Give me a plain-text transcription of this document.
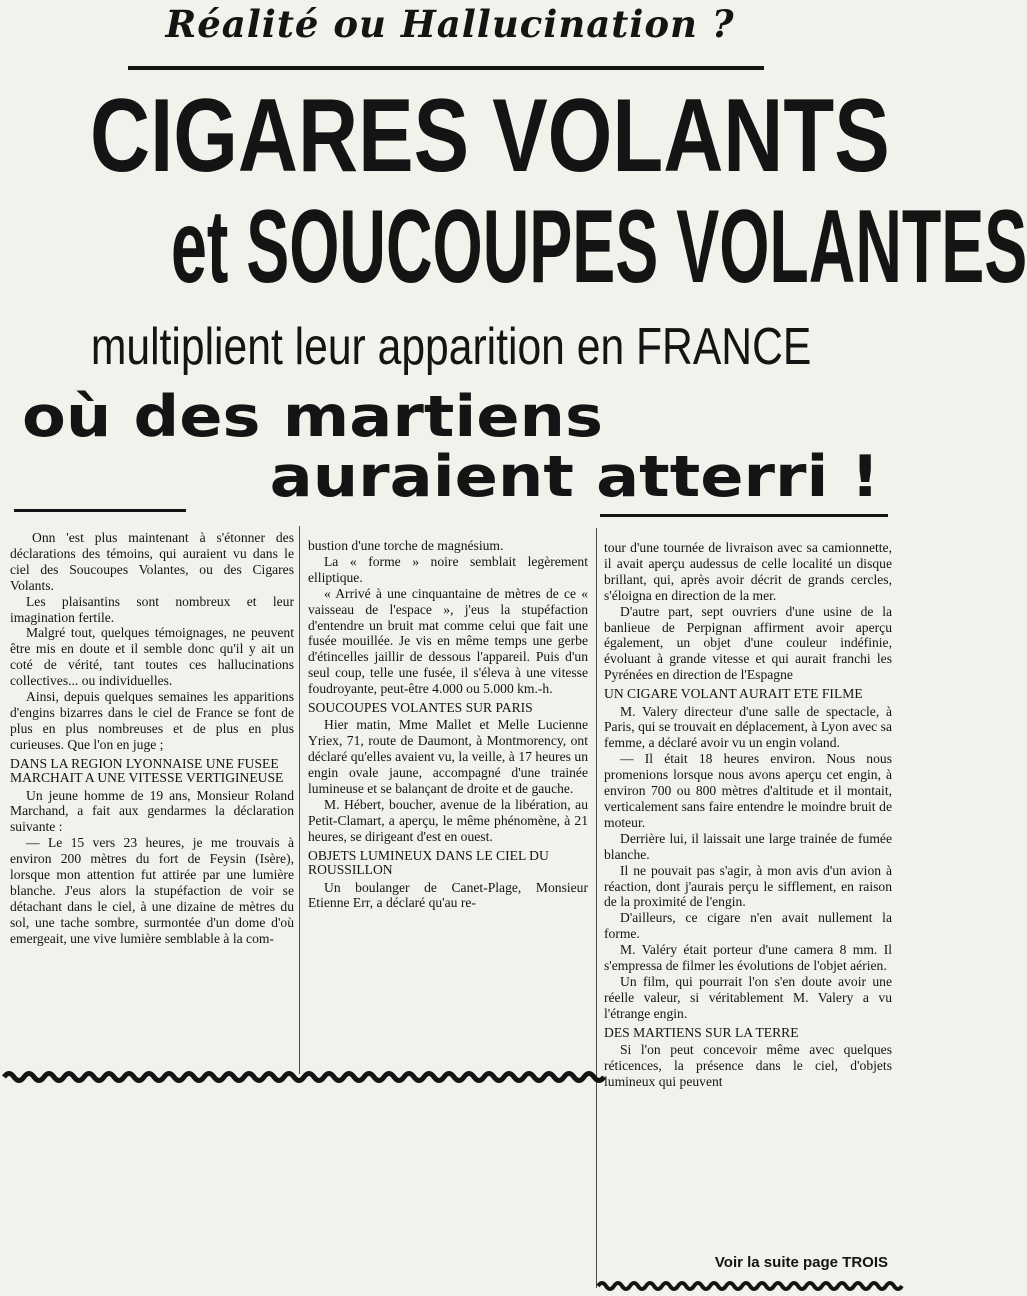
Réalité ou Hallucination ?
CIGARES VOLANTS
et SOUCOUPES VOLANTES
multiplient leur apparition en FRANCE
où des martiens
auraient atterri !

Onn 'est plus maintenant à s'étonner des déclarations des témoins, qui auraient vu dans le ciel des Soucoupes Volantes, ou des Cigares Volants.

Les plaisantins sont nombreux et leur imagination fertile.

Malgré tout, quelques témoignages, ne peuvent être mis en doute et il semble donc qu'il y ait un coté de vérité, tant toutes ces hallucinations collectives... ou individuelles.

Ainsi, depuis quelques semaines les apparitions d'engins bizarres dans le ciel de France se font de plus en plus nombreuses et de plus en plus curieuses. Que l'on en juge ;

DANS LA REGION LYONNAISE UNE FUSEE MARCHAIT A UNE VITESSE VERTIGINEUSE

Un jeune homme de 19 ans, Monsieur Roland Marchand, a fait aux gendarmes la déclaration suivante :

— Le 15 vers 23 heures, je me trouvais à environ 200 mètres du fort de Feysin (Isère), lorsque mon attention fut attirée par une lumière blanche. J'eus alors la stupéfaction de voir se détachant dans le ciel, à une dizaine de mètres du sol, une tache sombre, surmontée d'un dome d'où emergeait, une vive lumière semblable à la com-

bustion d'une torche de magnésium.

La « forme » noire semblait legèrement elliptique.

« Arrivé à une cinquantaine de mètres de ce « vaisseau de l'espace », j'eus la stupéfaction d'entendre un bruit mat comme celui que fait une fusée mouillée. Je vis en même temps une gerbe d'étincelles jaillir de dessous l'appareil. Puis d'un seul coup, telle une fusée, il s'éleva à une vitesse foudroyante, peut-être 4.000 ou 5.000 km.-h.

SOUCOUPES VOLANTES SUR PARIS

Hier matin, Mme Mallet et Melle Lucienne Yriex, 71, route de Daumont, à Montmorency, ont déclaré qu'elles avaient vu, la veille, à 17 heures un engin ovale jaune, accompagné d'une trainée lumineuse et se balançant de droite et de gauche.

M. Hébert, boucher, avenue de la libération, au Petit-Clamart, a aperçu, le même phénomène, à 21 heures, se dirigeant d'est en ouest.

OBJETS LUMINEUX DANS LE CIEL DU ROUSSILLON

Un boulanger de Canet-Plage, Monsieur Etienne Err, a déclaré qu'au re-

tour d'une tournée de livraison avec sa camionnette, il avait aperçu audessus de celle localité un disque brillant, qui, après avoir décrit de grands cercles, s'éloigna en direction de la mer.

D'autre part, sept ouvriers d'une usine de la banlieue de Perpignan affirment avoir aperçu également, un objet d'une couleur indéfinie, évoluant à grande vitesse et qui aurait franchi les Pyrénées en direction de l'Espagne

UN CIGARE VOLANT AURAIT ETE FILME

M. Valery directeur d'une salle de spectacle, à Paris, qui se trouvait en déplacement, à Lyon avec sa femme, a déclaré avoir vu un engin voland.

— Il était 18 heures environ. Nous nous promenions lorsque nous avons aperçu cet engin, à environ 700 ou 800 mètres d'altitude et il montait, verticalement sans faire entendre le moindre bruit de moteur.

Derrière lui, il laissait une large trainée de fumée blanche.

Il ne pouvait pas s'agir, à mon avis d'un avion à réaction, dont j'aurais perçu le sifflement, en raison de la proximité de l'engin.

D'ailleurs, ce cigare n'en avait nullement la forme.

M. Valéry était porteur d'une camera 8 mm. Il s'empressa de filmer les évolutions de l'objet aérien.

Un film, qui pourrait l'on s'en doute avoir une réelle valeur, si véritablement M. Valery a vu l'étrange engin.

DES MARTIENS SUR LA TERRE

Si l'on peut concevoir même avec quelques réticences, la présence dans le ciel, d'objets lumineux qui peuvent

Voir la suite page TROIS
